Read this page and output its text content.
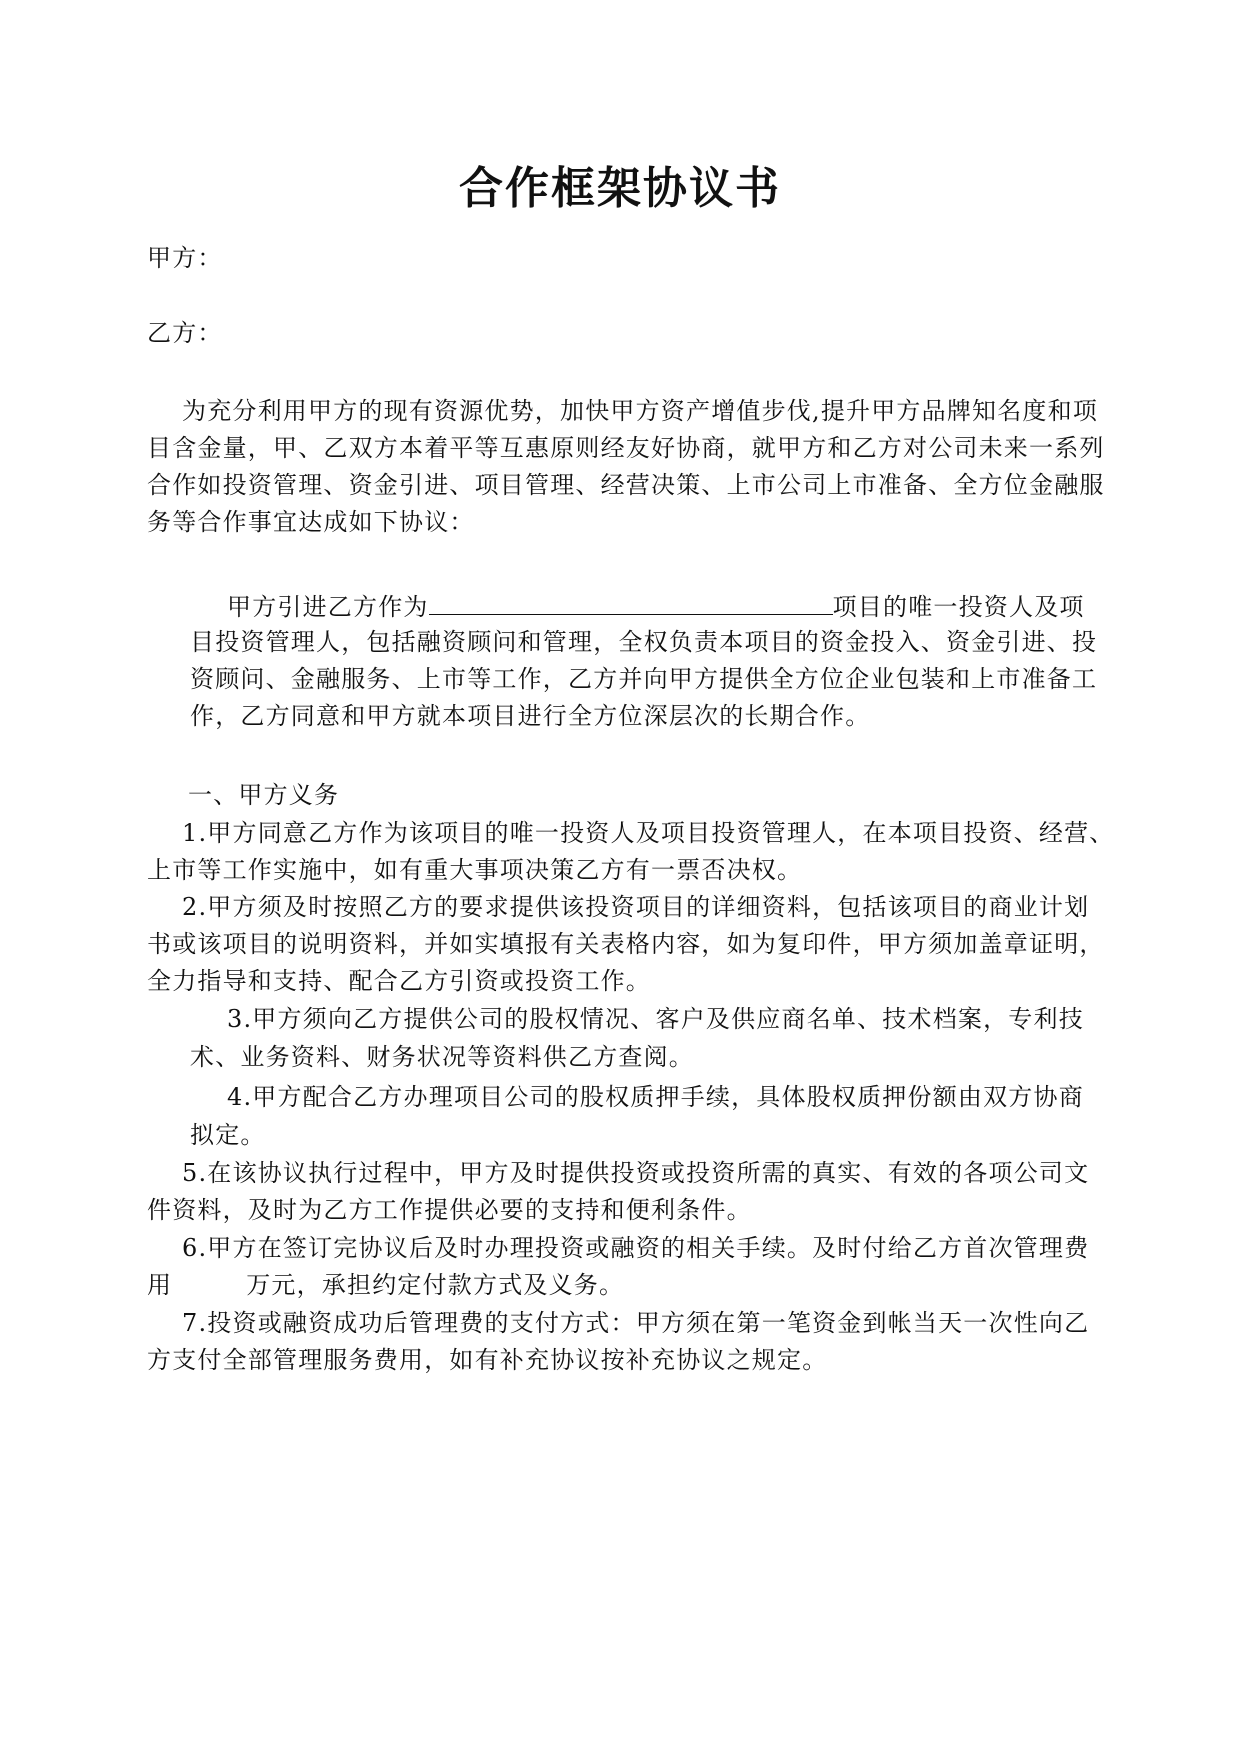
合作框架协议书
甲方：
乙方：
为充分利用甲方的现有资源优势，加快甲方资产增值步伐,提升甲方品牌知名度和项
目含金量，甲、乙双方本着平等互惠原则经友好协商，就甲方和乙方对公司未来一系列
合作如投资管理、资金引进、项目管理、经营决策、上市公司上市准备、全方位金融服
务等合作事宜达成如下协议：
甲方引进乙方作为	项目的唯一投资人及项
目投资管理人，包括融资顾问和管理，全权负责本项目的资金投入、资金引进、投
资顾问、金融服务、上市等工作，乙方并向甲方提供全方位企业包装和上市准备工
作，乙方同意和甲方就本项目进行全方位深层次的长期合作。
一、甲方义务
1.甲方同意乙方作为该项目的唯一投资人及项目投资管理人，在本项目投资、经营、
上市等工作实施中，如有重大事项决策乙方有一票否决权。
2.甲方须及时按照乙方的要求提供该投资项目的详细资料，包括该项目的商业计划
书或该项目的说明资料，并如实填报有关表格内容，如为复印件，甲方须加盖章证明，
全力指导和支持、配合乙方引资或投资工作。
3.甲方须向乙方提供公司的股权情况、客户及供应商名单、技术档案，专利技
术、业务资料、财务状况等资料供乙方查阅。
4.甲方配合乙方办理项目公司的股权质押手续，具体股权质押份额由双方协商
拟定。
5.在该协议执行过程中，甲方及时提供投资或投资所需的真实、有效的各项公司文
件资料，及时为乙方工作提供必要的支持和便利条件。
6.甲方在签订完协议后及时办理投资或融资的相关手续。及时付给乙方首次管理费
用	万元，承担约定付款方式及义务。
7.投资或融资成功后管理费的支付方式：甲方须在第一笔资金到帐当天一次性向乙
方支付全部管理服务费用，如有补充协议按补充协议之规定。
